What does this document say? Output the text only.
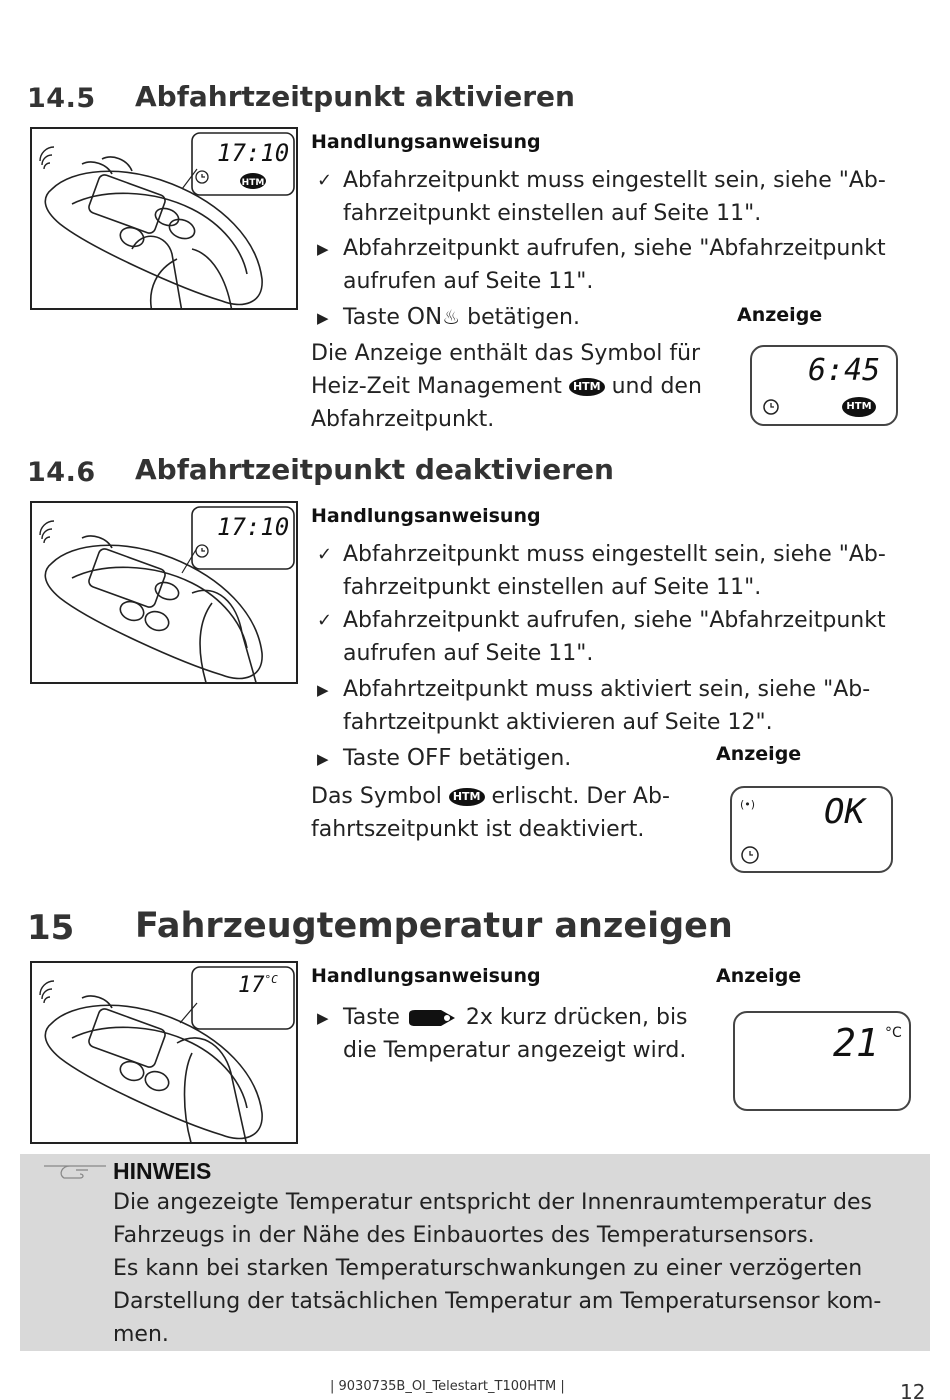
14.5 Abfahrtzeitpunkt aktivieren
HTM
17:10 Handlungsanweisung
✓ Abfahrzeitpunkt muss eingestellt sein, siehe "Ab-
fahrzeitpunkt einstellen auf Seite 11".
▶ Abfahrzeitpunkt aufrufen, siehe "Abfahrzeitpunkt
aufrufen auf Seite 11".
▶ Taste ON♨ betätigen.	Anzeige
Die Anzeige enthält das Symbol für
Heiz-Zeit Management HTM und den
Abfahrzeitpunkt.
6:45
HTM
14.6 Abfahrtzeitpunkt deaktivieren
17:10 Handlungsanweisung
✓ Abfahrzeitpunkt muss eingestellt sein, siehe "Ab-
fahrzeitpunkt einstellen auf Seite 11".
✓ Abfahrzeitpunkt aufrufen, siehe "Abfahrzeitpunkt
aufrufen auf Seite 11".
▶ Abfahrtzeitpunkt muss aktiviert sein, siehe "Ab-
fahrtzeitpunkt aktivieren auf Seite 12".
▶ Taste OFF betätigen.	Anzeige
Das Symbol HTM erlischt. Der Ab-
fahrtszeitpunkt ist deaktiviert.
(•) OK
15 Fahrzeugtemperatur anzeigen
$17^{^\circ C}$ Handlungsanweisung	Anzeige
▶ Taste	2x kurz drücken, bis
die Temperatur angezeigt wird.	21 °C
HINWEIS
Die angezeigte Temperatur entspricht der Innenraumtemperatur des
Fahrzeugs in der Nähe des Einbauortes des Temperatursensors.
Es kann bei starken Temperaturschwankungen zu einer verzögerten
Darstellung der tatsächlichen Temperatur am Temperatursensor kom-
men.
| 9030735B_OI_Telestart_T100HTM |	12
